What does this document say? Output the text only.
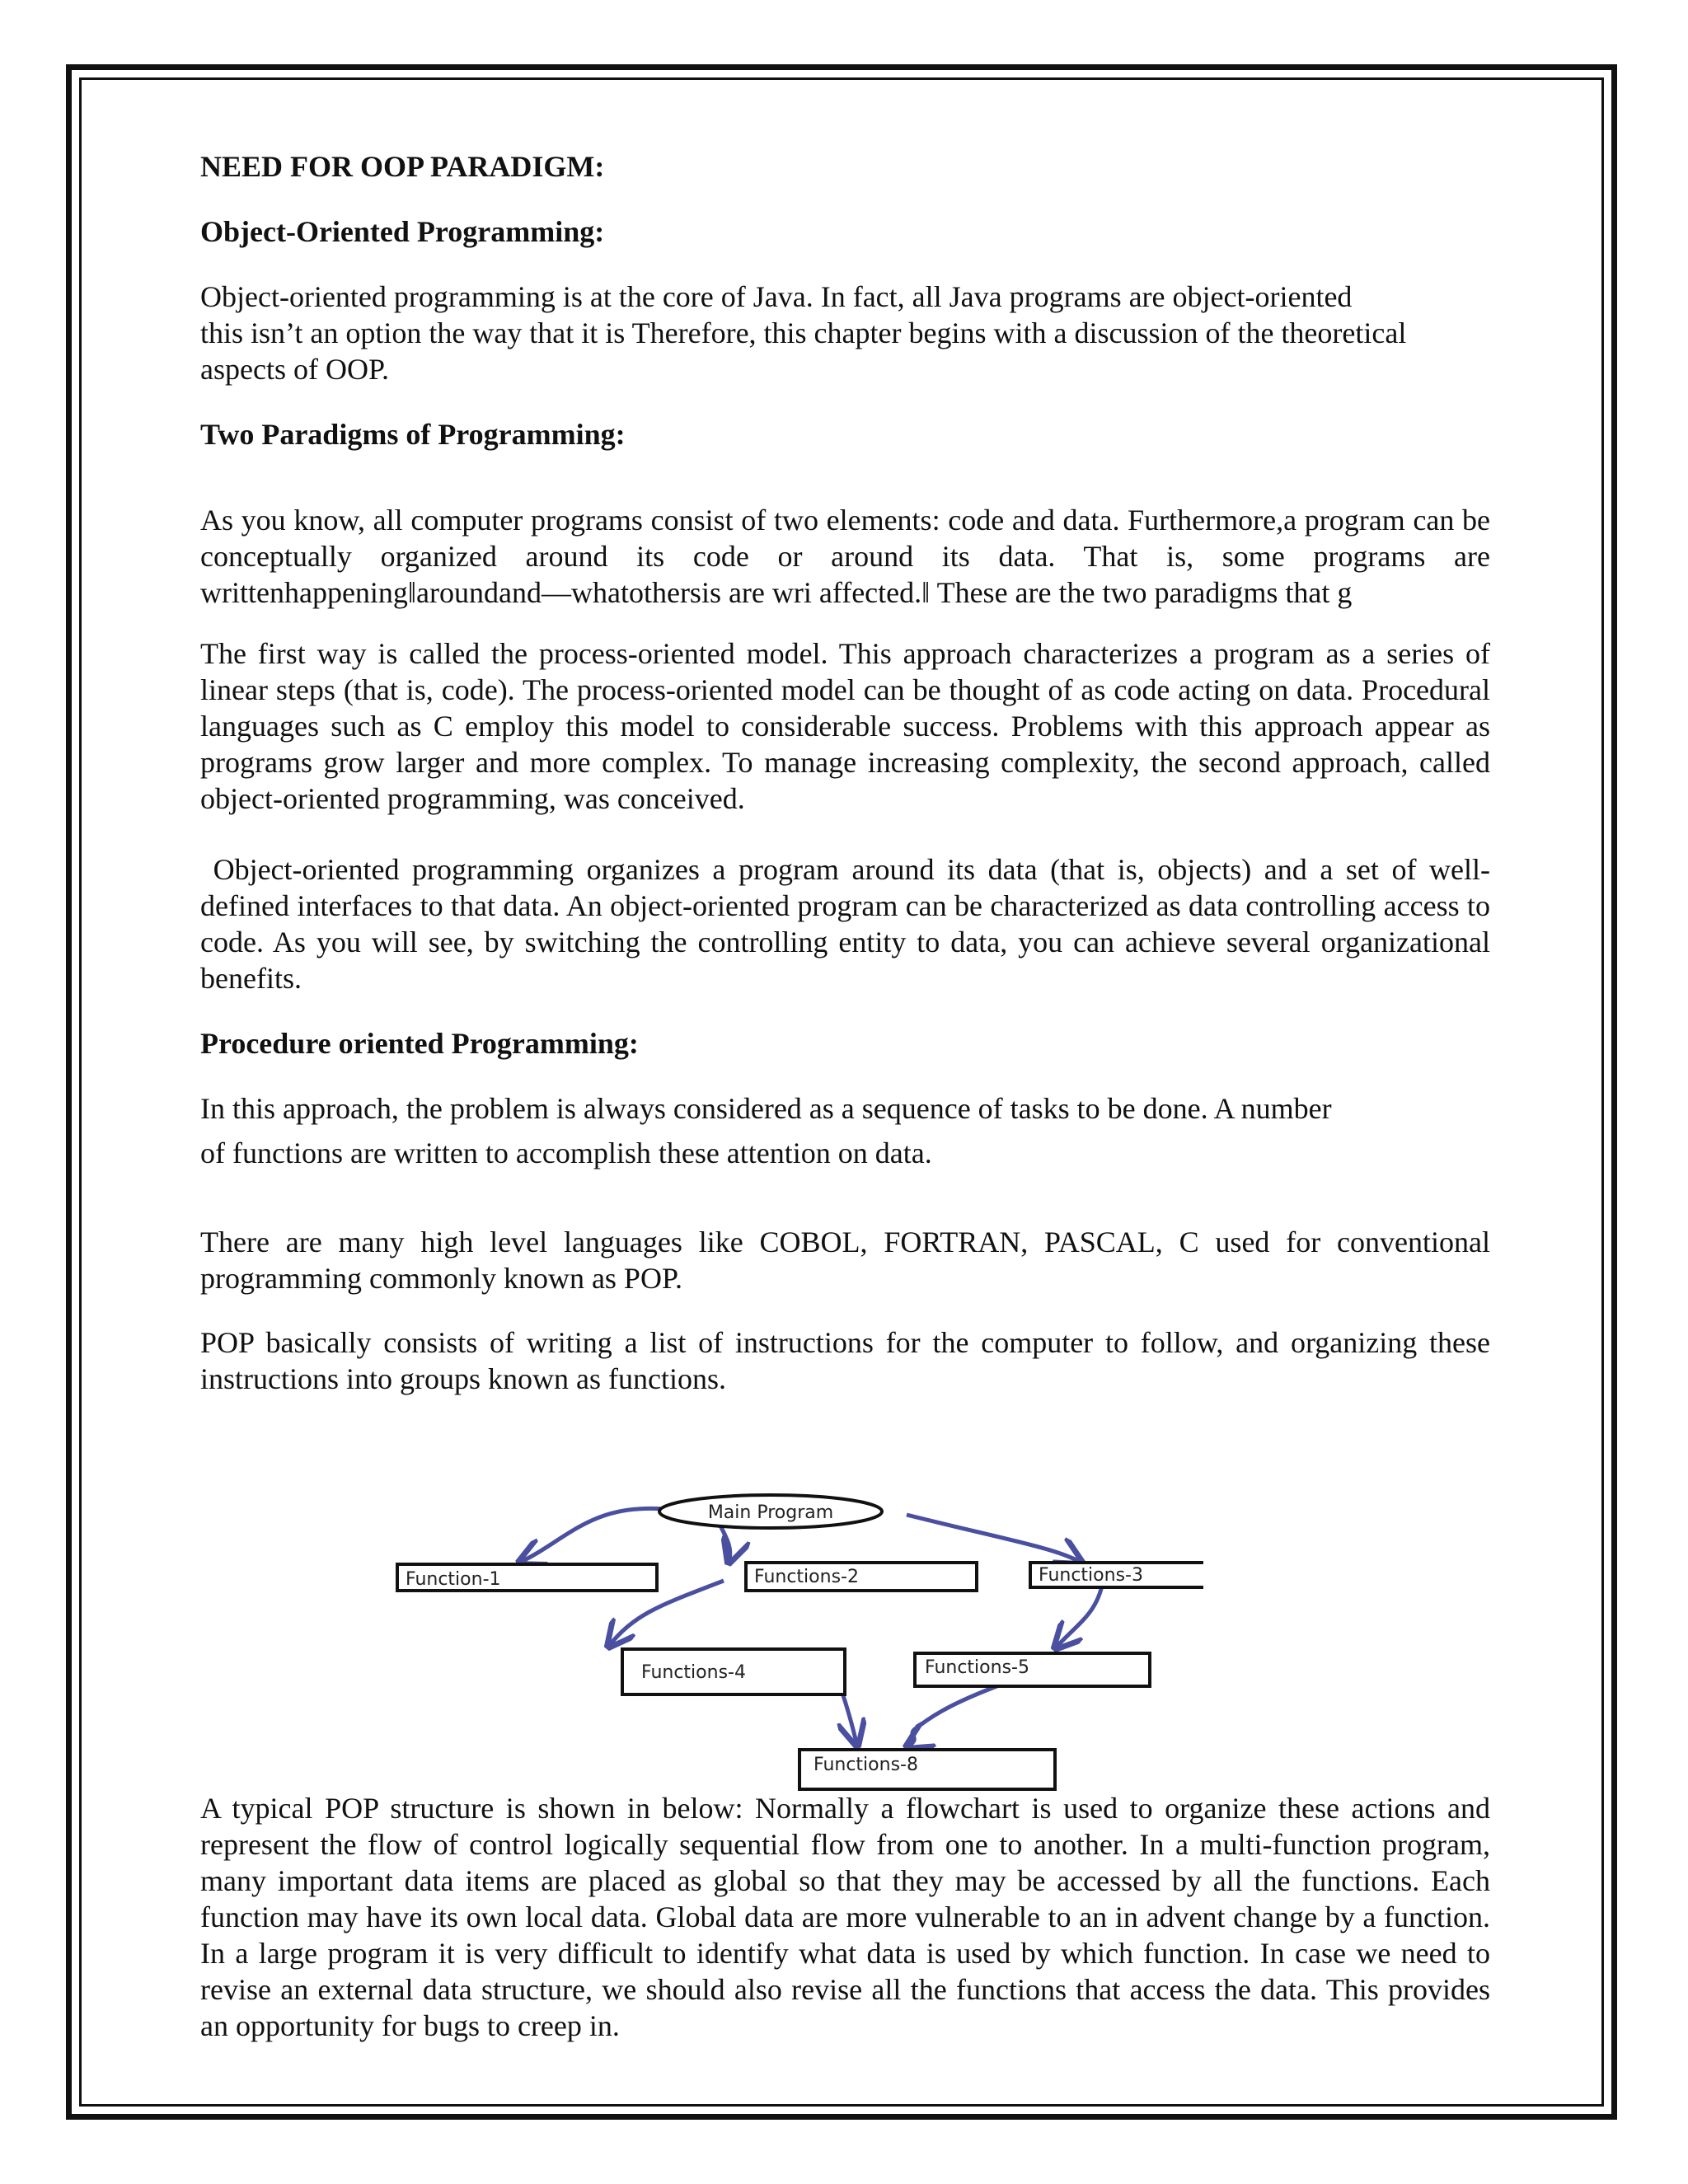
NEED FOR OOP PARADIGM:

Object-Oriented Programming:

Object-oriented programming is at the core of Java. In fact, all Java programs are object-oriented

this isn’t an option the way that it is Therefore, this chapter begins with a discussion of the theoretical

aspects of OOP.

Two Paradigms of Programming:

As you know, all computer programs consist of two elements: code and data. Furthermore,a program can be conceptually organized around its code or around its data. That is, some programs are writtenhappening‖aroundand―whatothersis are wri affected.‖ These are the two paradigms that g

The first way is called the process-oriented model. This approach characterizes a program as a series of linear steps (that is, code). The process-oriented model can be thought of as code acting on data. Procedural languages such as C employ this model to considerable success. Problems with this approach appear as programs grow larger and more complex. To manage increasing complexity, the second approach, called object-oriented programming, was conceived.

Object-oriented programming organizes a program around its data (that is, objects) and a set of well-defined interfaces to that data. An object-oriented program can be characterized as data controlling access to code. As you will see, by switching the controlling entity to data, you can achieve several organizational benefits.

Procedure oriented Programming:

In this approach, the problem is always considered as a sequence of tasks to be done. A number

of functions are written to accomplish these attention on data.

There are many high level languages like COBOL, FORTRAN, PASCAL, C used for conventional programming commonly known as POP.

POP basically consists of writing a list of instructions for the computer to follow, and organizing these instructions into groups known as functions.

Main Program
Function-1	Functions-2	Functions-3
Functions-4	Functions-5
Functions-8

A typical POP structure is shown in below: Normally a flowchart is used to organize these actions and represent the flow of control logically sequential flow from one to another. In a multi-function program, many important data items are placed as global so that they may be accessed by all the functions. Each function may have its own local data. Global data are more vulnerable to an in advent change by a function. In a large program it is very difficult to identify what data is used by which function. In case we need to revise an external data structure, we should also revise all the functions that access the data. This provides an opportunity for bugs to creep in.
